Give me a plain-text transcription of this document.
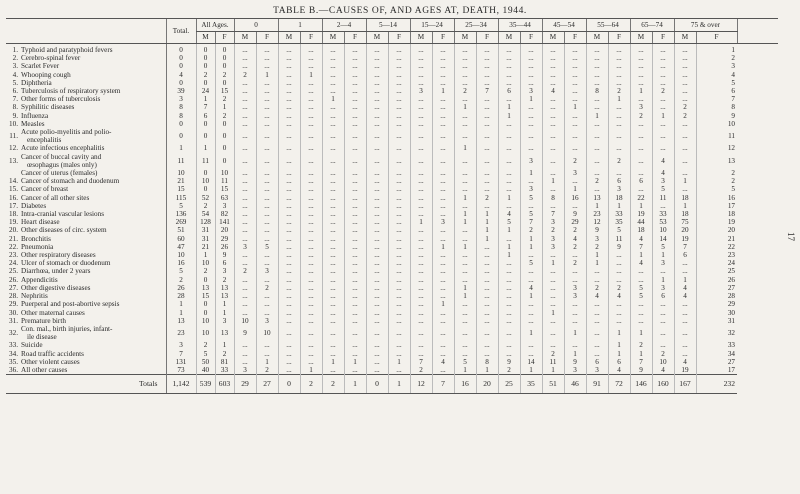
TABLE B.—CAUSES OF, AND AGES AT, DEATH, 1944.
		Total.	All Ages.		0		1		2—4		5—14		15—24		25—34		35—44		45—54		55—64		65—74		75 & over		
			M	F	M	F	M	F	M	F	M	F	M	F	M	F	M	F	M	F	M	F	M	F	M	F	
1.	Typhoid and paratyphoid fevers	0	0	0	...	...	...	...	...	...	...	...	...	...	...	...	...	...	...	...	...	...	...	...	...	1	
2.	Cerebro-spinal fever	0	0	0	...	...	...	...	...	...	...	...	...	...	...	...	...	...	...	...	...	...	...	...	...	2	
3.	Scarlet Fever	0	0	0	...	...	...	...	...	...	...	...	...	...	...	...	...	...	...	...	...	...	...	...	...	3	
4.	Whooping cough	4	2	2	2	1	...	1	...	...	...	...	...	...	...	...	...	...	...	...	...	...	...	...	...	4	
5.	Diphtheria	0	0	0	...	...	...	...	...	...	...	...	...	...	...	...	...	...	...	...	...	...	...	...	...	5	
6.	Tuberculosis of respiratory system	39	24	15	...	...	...	...	...	...	...	...	3	1	2	7	6	3	4	...	8	2	1	2	...	6	
7.	Other forms of tuberculosis	3	1	2	...	...	...	...	1	...	...	...	...	...	...	...	...	1	...	...	...	1	...	...	...	7	
8.	Syphilitic diseases	8	7	1	...	...	...	...	...	...	...	...	...	...	1	...	1	...	...	1	...	...	3	...	2	8	
9.	Influenza	8	6	2	...	...	...	...	...	...	...	...	...	...	...	...	1	...	...	...	1	...	2	1	2	9	
10.	Measles	0	0	0	...	...	...	...	...	...	...	...	...	...	...	...	...	...	...	...	...	...	...	...	...	10	
11.	Acute polio-myelitis and polio-
encephalitis	0	0	0	...	...	...	...	...	...	...	...	...	...	...	...	...	...	...	...	...	...	...	...	...	11	
12.	Acute infectious encephalitis	1	1	0	...	...	...	...	...	...	...	...	...	...	1	...	...	...	...	...	...	...	...	...	...	12	
13.	Cancer of buccal cavity and
œsophagus (males only)	11	11	0	...	...	...	...	...	...	...	...	...	...	...	...	...	3	...	2	...	2	...	4	...	13	
	Cancer of uterus (females)	10	0	10	...	...	...	...	...	...	...	...	...	...	...	...	...	1	...	3	...	...	...	4	...	2	
14.	Cancer of stomach and duodenum	21	10	11	...	...	...	...	...	...	...	...	...	...	...	...	...	...	1	...	2	6	6	3	1	2	
15.	Cancer of breast	15	0	15	...	...	...	...	...	...	...	...	...	...	...	...	...	3	...	1	...	3	...	5	...	5	
16.	Cancer of all other sites	115	52	63	...	...	...	...	...	...	...	...	...	...	1	2	1	5	8	16	13	18	22	11	18	16	
17.	Diabetes	5	2	3	...	...	...	...	...	...	...	...	...	...	...	...	...	...	...	...	1	1	1	...	1	17	
18.	Intra-cranial vascular lesions	136	54	82	...	...	...	...	...	...	...	...	...	...	1	1	4	5	7	9	23	33	19	33	18	18	
19.	Heart disease	269	128	141	...	...	...	...	...	...	...	...	1	3	1	1	5	7	3	29	12	35	44	53	75	19	
20.	Other diseases of circ. system	51	31	20	...	...	...	...	...	...	...	...	...	...	...	1	1	2	2	2	9	5	18	10	20	20	
21.	Bronchitis	60	31	29	...	...	...	...	...	...	...	...	...	...	...	1	...	1	3	4	3	11	4	14	19	21	
22.	Pneumonia	47	21	26	3	5	...	...	...	...	...	...	...	1	1	...	1	1	3	2	2	9	7	5	7	22	
23.	Other respiratory diseases	10	1	9	...	...	...	...	...	...	...	...	...	...	...	...	1	...	...	...	1	...	1	1	6	23	
24.	Ulcer of stomach or duodenum	16	10	6	...	...	...	...	...	...	...	...	...	...	...	...	...	5	1	2	1	...	4	3	...	24	
25.	Diarrhœa, under 2 years	5	2	3	2	3	...	...	...	...	...	...	...	...	...	...	...	...	...	...	...	...	...	...	...	25	
26.	Appendicitis	2	0	2	...	...	...	...	...	...	...	...	...	...	...	...	...	...	...	...	...	...	...	1	1	26	
27.	Other digestive diseases	26	13	13	...	2	...	...	...	...	...	...	...	...	1	...	...	4	...	3	2	2	5	3	4	27	
28.	Nephritis	28	15	13	...	...	...	...	...	...	...	...	...	...	1	...	...	1	...	3	4	4	5	6	4	28	
29.	Puerperal and post-abortive sepsis	1	0	1	...	...	...	...	...	...	...	...	...	1	...	...	...	...	...	...	...	...	...	...	...	29	
30.	Other maternal causes	1	0	1	...	...	...	...	...	...	...	...	...	...	...	...	...	...	1	...	...	...	...	...	...	30	
31.	Premature birth	13	10	3	10	3	...	...	...	...	...	...	...	...	...	...	...	...	...	...	...	...	...	...	...	31	
32.	Con. mal., birth injuries, infant-
ile disease	23	10	13	9	10	...	...	...	...	...	...	...	...	...	...	...	1	...	1	...	1	1	...	...	32	
33.	Suicide	3	2	1	...	...	...	...	...	...	...	...	...	...	...	...	...	...	...	...	...	1	2	...	...	33	
34.	Road traffic accidents	7	5	2	...	...	...	...	...	...	...	...	...	...	...	...	...	...	2	1	...	1	1	2	...	34	
35.	Other violent causes	131	50	81	...	1	...	...	1	1	...	1	7	4	5	8	9	14	11	9	6	6	7	10	4	27	
36.	All other causes	73	40	33	3	2	...	1	...	...	...	...	2	...	1	1	2	1	1	3	3	4	9	4	19	17	
	Totals	1,142	539	603	29	27	0	2	2	1	0	1	12	7	16	20	25	35	51	46	91	72	146	160	167	232	
17
